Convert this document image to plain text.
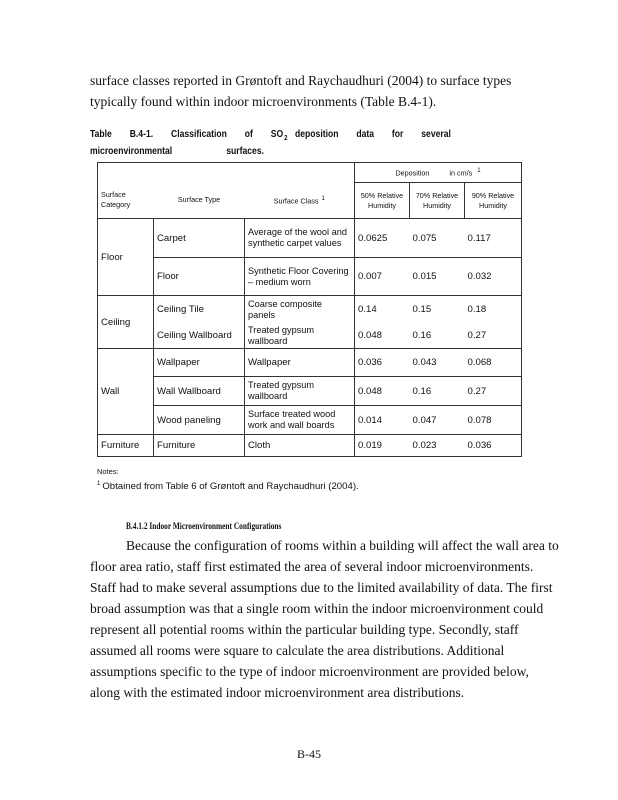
surface classes reported in Grøntoft and Raychaudhuri (2004) to surface types typically found within indoor microenvironments (Table B.4-1).

Table B.4-1. Classification of SO2 deposition data for several
microenvironmental	surfaces.

			Deposition in cm/s $^1$
Surface Category	Surface Type	Surface Class $^1$	50% Relative Humidity	70% Relative Humidity	90% Relative Humidity
Floor	Carpet	Average of the wool and synthetic carpet values	0.0625	0.075	0.117
	Floor	Synthetic Floor Covering – medium worn	0.007	0.015	0.032
Ceiling	Ceiling Tile	Coarse composite panels	0.14	0.15	0.18
	Ceiling Wallboard	Treated gypsum wallboard	0.048	0.16	0.27
Wall	Wallpaper	Wallpaper	0.036	0.043	0.068
	Wall Wallboard	Treated gypsum wallboard	0.048	0.16	0.27
	Wood paneling	Surface treated wood work and wall boards	0.014	0.047	0.078
Furniture	Furniture	Cloth	0.019	0.023	0.036

Notes:
$^1$ Obtained from Table 6 of Grøntoft and Raychaudhuri (2004).

B.4.1.2 Indoor Microenvironment Configurations

Because the configuration of rooms within a building will affect the wall area to floor area ratio, staff first estimated the area of several indoor microenvironments. Staff had to make several assumptions due to the limited availability of data. The first broad assumption was that a single room within the indoor microenvironment could represent all potential rooms within the particular building type. Secondly, staff assumed all rooms were square to calculate the area distributions. Additional assumptions specific to the type of indoor microenvironment are provided below, along with the estimated indoor microenvironment area distributions.

B-45
